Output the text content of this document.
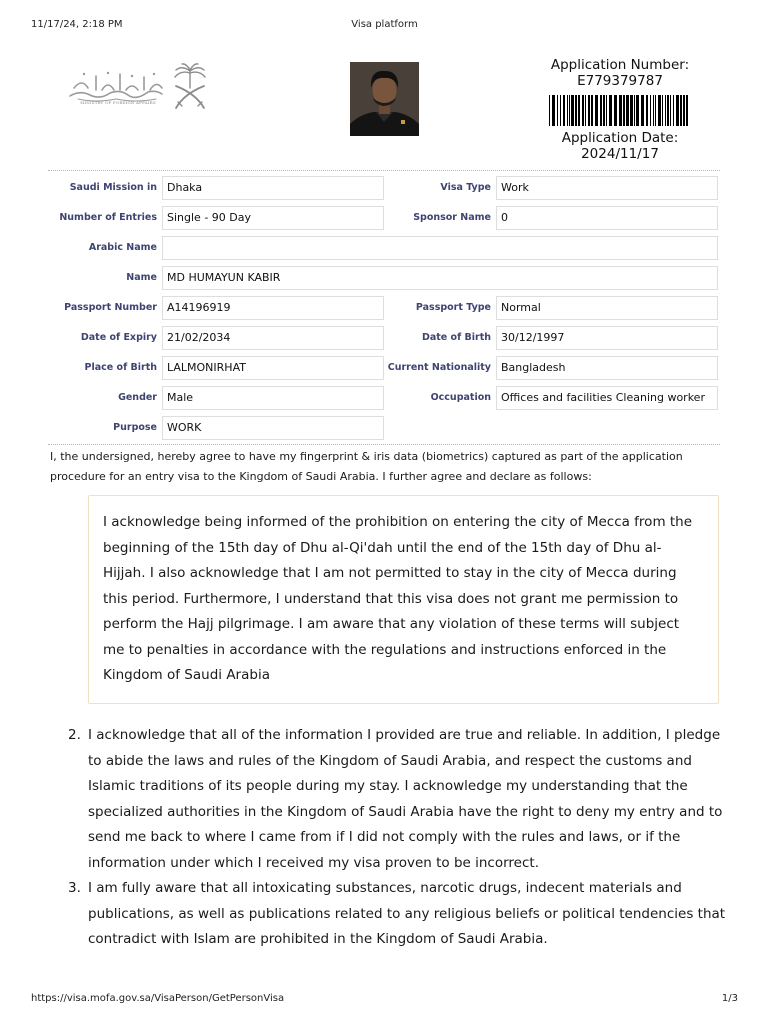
11/17/24, 2:18 PM	Visa platform
MINISTRY OF FOREIGN AFFAIRS
Application Number:
E779379787
Application Date:
2024/11/17
Saudi Mission in Dhaka	Visa Type Work
Number of Entries Single - 90 Day	Sponsor Name 0
Arabic Name
Name MD HUMAYUN KABIR
Passport Number A14196919	Passport Type Normal
Date of Expiry 21/02/2034	Date of Birth 30/12/1997
Place of Birth LALMONIRHAT	Current Nationality Bangladesh
Gender Male	Occupation Offices and facilities Cleaning worker
Purpose WORK
I, the undersigned, hereby agree to have my fingerprint & iris data (biometrics) captured as part of the application procedure for an entry visa to the Kingdom of Saudi Arabia. I further agree and declare as follows:
I acknowledge being informed of the prohibition on entering the city of Mecca from the beginning of the 15th day of Dhu al-Qi'dah until the end of the 15th day of Dhu al-Hijjah. I also acknowledge that I am not permitted to stay in the city of Mecca during this period. Furthermore, I understand that this visa does not grant me permission to perform the Hajj pilgrimage. I am aware that any violation of these terms will subject me to penalties in accordance with the regulations and instructions enforced in the Kingdom of Saudi Arabia
2. I acknowledge that all of the information I provided are true and reliable. In addition, I pledge to abide the laws and rules of the Kingdom of Saudi Arabia, and respect the customs and Islamic traditions of its people during my stay. I acknowledge my understanding that the specialized authorities in the Kingdom of Saudi Arabia have the right to deny my entry and to send me back to where I came from if I did not comply with the rules and laws, or if the information under which I received my visa proven to be incorrect.
3. I am fully aware that all intoxicating substances, narcotic drugs, indecent materials and publications, as well as publications related to any religious beliefs or political tendencies that contradict with Islam are prohibited in the Kingdom of Saudi Arabia.
https://visa.mofa.gov.sa/VisaPerson/GetPersonVisa	1/3
